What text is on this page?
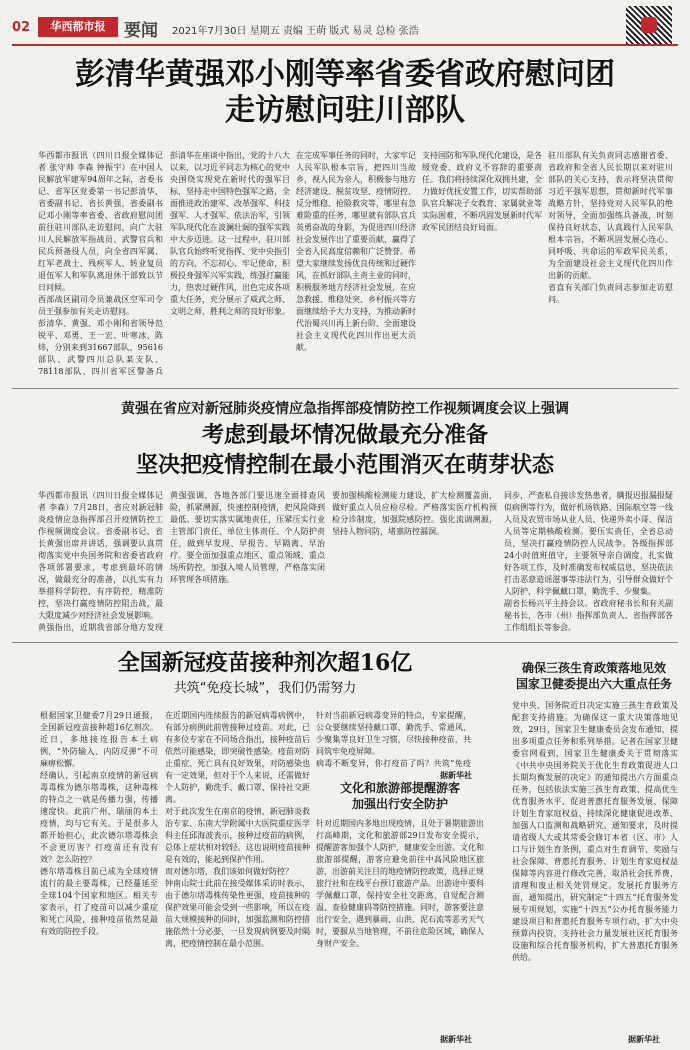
02	华西都市报	要闻 2021年7月30日 星期五 责编 王萌 版式 易灵 总检 张浩
彭清华黄强邓小刚等率省委省政府慰问团
走访慰问驻川部队

华西都市报讯（四川日报全媒体记者 张守帅 李森 钟振宇）在中国人民解放军建军94周年之际，省委书记、省军区党委第一书记彭清华，省委副书记、省长黄强，省委副书记邓小刚等率省委、省政府慰问团前往驻川部队走访慰问，向广大驻川人民解放军指战员、武警官兵和民兵预备役人员，向全省四军属、红军老战士、残疾军人、转业复员退伍军人和军队离退休干部致以节日问候。

西部战区副司令员兼战区空军司令员王强参加有关走访慰问。

彭清华、黄强、邓小刚和省领导范锐平、邓勇、王一宏、叶寒冰、陈炜，分别来到31667部队、95616部队、武警四川总队某支队、78118部队、四川省军区警备兵

彭清华在座谈中指出，党的十八大以来，以习近平同志为核心的党中央围绕实现党在新时代的强军目标，坚持走中国特色强军之路，全面推进政治建军、改革强军、科技强军、人才强军、依法治军，引领军队现代化在波澜壮阔的强军实践中大步迈进。这一过程中，驻川部队官兵始终听党指挥、党中央指引的方向，不忘初心、牢记使命，积极投身强军兴军实践，练强打赢能力，热衷过硬作风，出色完成各项重大任务，充分展示了威武之师、文明之师，胜利之师的良好形象。

在完成军事任务的同时，大家牢记人民军队根本宗旨，把四川当故乡，视人民为亲人，积极参与地方经济建设、脱贫攻坚、疫情防控、反分维稳、抢险救灾等，哪里有急难险重的任务，哪里就有部队官兵英勇奋战的身影，为促进四川经济社会发展作出了重要贡献，赢得了全省人民高度信赖和广泛赞誉。希望大家继续发扬优良传统和过硬作风，在抓好部队主责主业的同时，积极服务地方经济社会发展，在应急救援、维稳处突、乡村振兴等方面继续给予大力支持，为推动新时代治蜀兴川再上新台阶、全面建设社会主义现代化四川作出更大贡献。

支持国防和军队现代化建设，是各级党委、政府义不容辞的重要责任。我们将持续深化双拥共建，全力做好优抚安置工作，切实帮助部队官兵解决子女教育、家属就业等实际困难，不断巩固发展新时代军政军民团结良好局面。

驻川部队有关负责同志感谢省委、省政府和全省人民长期以来对驻川部队的关心支持，表示将坚决贯彻习近平强军思想，贯彻新时代军事战略方针，坚持党对人民军队的绝对领导，全面加强练兵备战，时刻保持良好状态，认真践行人民军队根本宗旨，不断巩固发展心连心、同呼吸、共命运的军政军民关系，为全面建设社会主义现代化四川作出新的贡献。

省直有关部门负责同志参加走访慰问。

黄强在省应对新冠肺炎疫情应急指挥部疫情防控工作视频调度会议上强调
考虑到最坏情况做最充分准备
坚决把疫情控制在最小范围消灭在萌芽状态

华西都市报讯（四川日报全媒体记者 李森）7月28日，省应对新冠肺炎疫情应急指挥部召开疫情防控工作视频调度会议。省委副书记、省长黄强出席并讲话，强调要认真贯彻落实党中央国务院和省委省政府各项部署要求，考虑到最坏的情况，做最充分的准备，以扎实有力举措科学防控，有序防控，精准防控，坚决打赢疫情防控阻击战，最大限度减少对经济社会发展影响。

黄强指出，近期我省部分地方发现

黄强强调，各地各部门要迅速全面排查风险，抓紧溯源，快速控制疫情，把风险降到最低。要切实落实属地责任，压紧压实行业主管部门责任、单位主体责任、个人防护责任，做到早发现、早报告、早隔离、早治疗。要全面加强重点地区、重点领域、重点场所防控，加强入境人员管理，严格落实闭环管理各项措施。

要加强核酸检测能力建设，扩大检测覆盖面，做好重点人员应检尽检。严格落实医疗机构预检分诊制度，加强院感防控。强化流调溯源，坚持人物同防，堵塞防控漏洞。

同步，严查私自接诊发热患者，瞒报迟报漏报疑似病例等行为，做好机场铁路、国际航空等一线人员及农贸市场从业人员、快递外卖小哥、保洁人员等定期核酸检测。要压实责任，全省总动员，坚决打赢疫情防控人民战争。各级指挥部24小时值班值守，主要领导亲自调度，扎实做好各项工作，及时准确发布权威信息，坚决依法打击恶意造谣滋事等违法行为，引导群众做好个人防护，科学佩戴口罩，勤洗手、少聚集。

副省长杨兴平主持会议。省政府秘书长和有关副秘书长，各市（州）指挥部负责人、省指挥部各工作组组长等参会。

全国新冠疫苗接种剂次超16亿
共筑“免疫长城”，我们仍需努力

根据国家卫健委7月29日通报，全国新冠疫苗接种超16亿剂次。近日，多地接连报告本土病例，“外防输入、内防反弹”不可麻痹松懈。

经确认，引起南京疫情的新冠病毒毒株为德尔塔毒株，这种毒株的特点之一就是传播力强，传播速度快。此前广州、瑞丽的本土疫情，均与它有关。于是很多人都开始担心，此次德尔塔毒株会不会更厉害？打疫苗还有没有效？怎么防控？

德尔塔毒株目前已成为全球疫情流行的最主要毒株，已经蔓延至全球104个国家和地区。相关专家表示，打了疫苗可以减少重症和死亡风险，接种疫苗依然是最有效的防控手段。

在近期国内连续报告的新冠病毒病例中，有部分病例此前曾接种过疫苗。对此，已有多位专家在不同场合指出，接种疫苗后依然可能感染，即突破性感染。疫苗对防止重症、死亡具有良好效果，对防感染也有一定效果，但对于个人来说，还需做好个人防护，勤洗手、戴口罩、保持社交距离。

对于此次发生在南京的疫情，新冠肺炎救治专家、东南大学附属中大医院重症医学科主任邱海波表示，接种过疫苗的病例，总体上症状相对较轻。这也说明疫苗接种是有效的，能起到保护作用。

而对德尔塔，我们该如何做好防控？

钟南山院士此前在接受媒体采访时表示，由于德尔塔毒株传染性更强，疫苗接种的保护效果可能会受到一些影响，所以在疫苗大规模接种的同时，加强监测和防控措施依然十分必要，一旦发现病例要及时隔离，把疫情控制在最小范围。

针对当前新冠病毒变异的特点，专家提醒，公众要继续坚持戴口罩、勤洗手、常通风、少聚集等良好卫生习惯，尽快接种疫苗，共同筑牢免疫屏障。

病毒不断变异，你打疫苗了吗？共筑“免疫

据新华社
文化和旅游部提醒游客
加强出行安全防护
针对近期国内多地出现疫情，且处于暑期旅游出行高峰期，文化和旅游部29日发布安全提示，提醒游客加强个人防护，健康安全出游。文化和旅游部提醒，游客应避免前往中高风险地区旅游，出游前关注目的地疫情防控政策，选择正规旅行社和在线平台预订旅游产品。出游途中要科学佩戴口罩，保持安全社交距离，自觉配合测温、查验健康码等防控措施。同时，游客要注意出行安全，遇到暴雨、山洪、泥石流等恶劣天气时，要服从当地管理，不前往危险区域，确保人身财产安全。
据新华社
确保三孩生育政策落地见效
国家卫健委提出六大重点任务
党中央、国务院近日决定实施三孩生育政策及配套支持措施。为确保这一重大决策落地见效，29日，国家卫生健康委员会发布通知，提出多项重点任务和系列举措。记者在国家卫健委官网看到，国家卫生健康委关于贯彻落实《中共中央国务院关于优化生育政策促进人口长期均衡发展的决定》的通知提出六方面重点任务，包括依法实施三孩生育政策、提高优生优育服务水平、促进普惠托育服务发展、保障计划生育家庭权益、持续深化健康促进改革、加强人口监测和战略研究。通知要求，及时提请省级人大或其常委会修订本省（区、市）人口与计划生育条例，重点对生育调节、奖励与社会保障、普惠托育服务、计划生育家庭权益保障等内容进行修改完善，取消社会抚养费，清理和废止相关处罚规定。发展托育服务方面，通知提出，研究制定“十四五”托育服务发展专项规划，实施“十四五”公办托育服务能力建设项目和普惠托育服务专项行动，扩大中央预算内投资，支持社会力量发展社区托育服务设施和综合托育服务机构，扩大普惠托育服务供给。
据新华社
